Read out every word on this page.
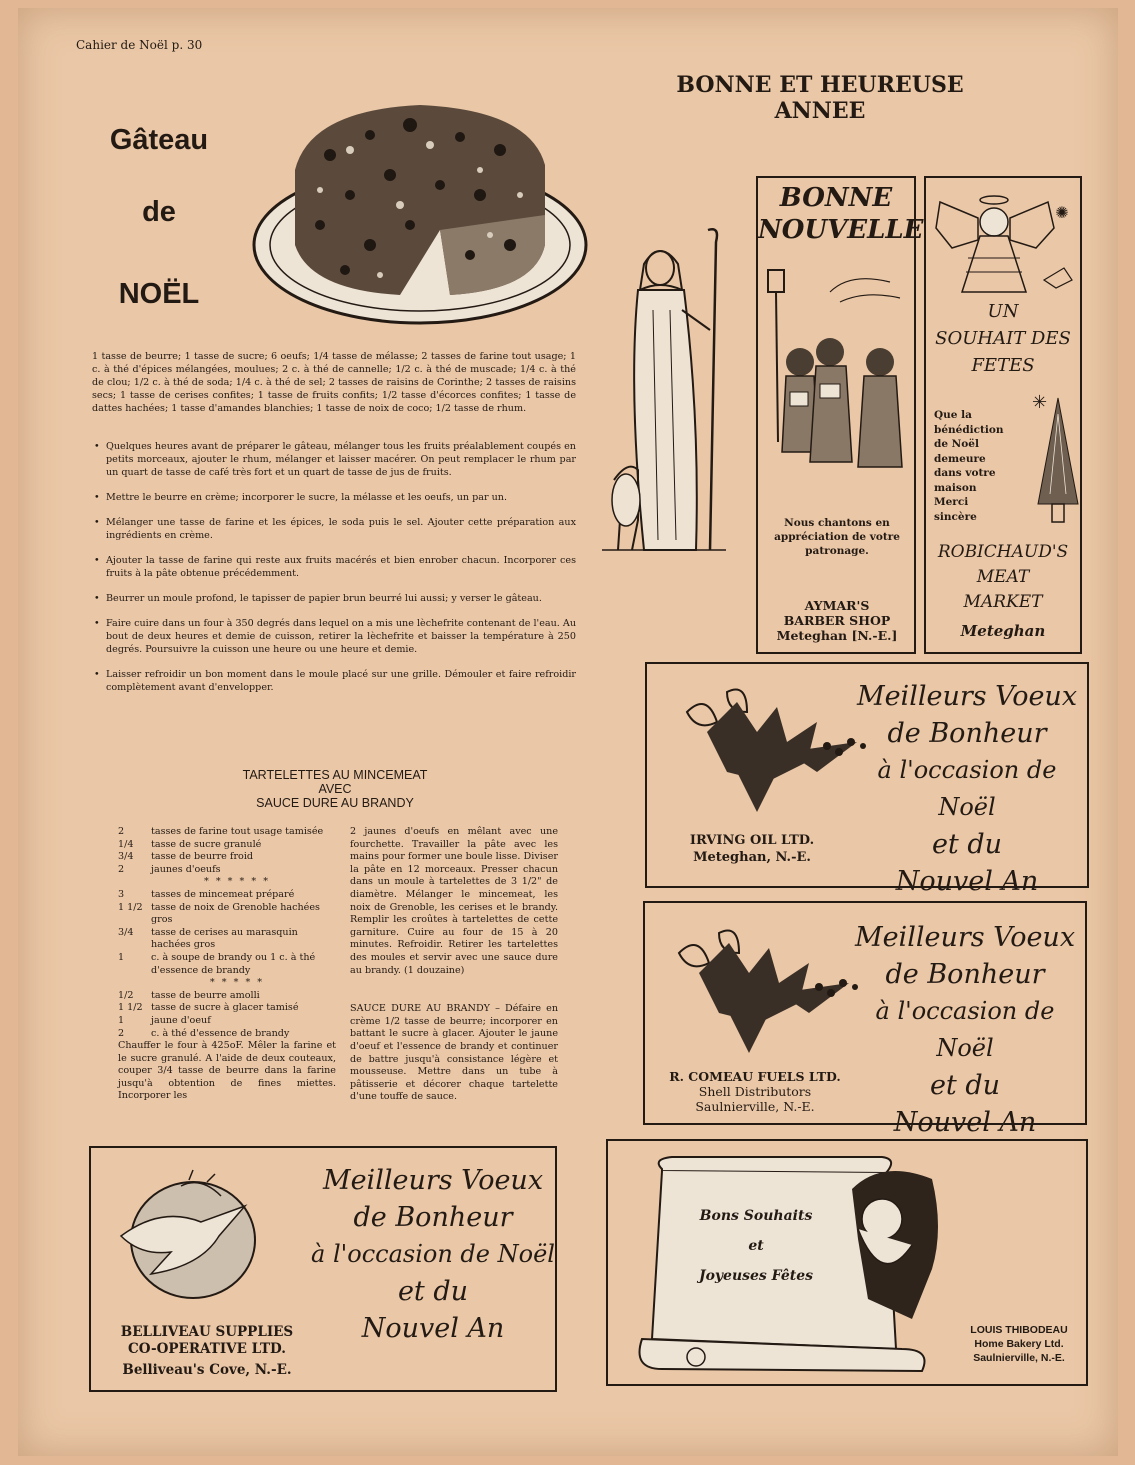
Cahier de Noël p. 30
Gâteau
de
NOËL
1 tasse de beurre; 1 tasse de sucre; 6 oeufs; 1/4 tasse de mélasse; 2 tasses de farine tout usage; 1 c. à thé d'épices mélangées, moulues; 2 c. à thé de cannelle; 1/2 c. à thé de muscade; 1/4 c. à thé de clou; 1/2 c. à thé de soda; 1/4 c. à thé de sel; 2 tasses de raisins de Corinthe; 2 tasses de raisins secs; 1 tasse de cerises confites; 1 tasse de fruits confits; 1/2 tasse d'écorces confites; 1 tasse de dattes hachées; 1 tasse d'amandes blanchies; 1 tasse de noix de coco; 1/2 tasse de rhum.
• Quelques heures avant de préparer le gâteau, mélanger tous les fruits préalablement coupés en petits morceaux, ajouter le rhum, mélanger et laisser macérer. On peut remplacer le rhum par un quart de tasse de café très fort et un quart de tasse de jus de fruits.
• Mettre le beurre en crème; incorporer le sucre, la mélasse et les oeufs, un par un.
• Mélanger une tasse de farine et les épices, le soda puis le sel. Ajouter cette préparation aux ingrédients en crème.
• Ajouter la tasse de farine qui reste aux fruits macérés et bien enrober chacun. Incorporer ces fruits à la pâte obtenue précédemment.
• Beurrer un moule profond, le tapisser de papier brun beurré lui aussi; y verser le gâteau.
• Faire cuire dans un four à 350 degrés dans lequel on a mis une lèchefrite contenant de l'eau. Au bout de deux heures et demie de cuisson, retirer la lèchefrite et baisser la température à 250 degrés. Poursuivre la cuisson une heure ou une heure et demie.
• Laisser refroidir un bon moment dans le moule placé sur une grille. Démouler et faire refroidir complètement avant d'envelopper.
TARTELETTES AU MINCEMEAT
AVEC
SAUCE DURE AU BRANDY
2	tasses de farine tout usage tamisée
1/4	tasse de sucre granulé
3/4	tasse de beurre froid
2	jaunes d'oeufs
* * * * * *
3	tasses de mincemeat préparé
1 1/2 tasse de noix de Grenoble hachées gros
3/4	tasse de cerises au marasquin hachées gros
1	c. à soupe de brandy ou 1 c. à thé d'essence de brandy
* * * * *
1/2	tasse de beurre amolli
1 1/2 tasse de sucre à glacer tamisé
1	jaune d'oeuf
2	c. à thé d'essence de brandy
Chauffer le four à 425oF. Mêler la farine et le sucre granulé. A l'aide de deux couteaux, couper 3/4 tasse de beurre dans la farine jusqu'à obtention de fines miettes. Incorporer les
2 jaunes d'oeufs en mêlant avec une fourchette. Travailler la pâte avec les mains pour former une boule lisse. Diviser la pâte en 12 morceaux. Presser chacun dans un moule à tartelettes de 3 1/2" de diamètre. Mélanger le mincemeat, les noix de Grenoble, les cerises et le brandy. Remplir les croûtes à tartelettes de cette garniture. Cuire au four de 15 à 20 minutes. Refroidir. Retirer les tartelettes des moules et servir avec une sauce dure au brandy. (1 douzaine)
SAUCE DURE AU BRANDY – Défaire en crème 1/2 tasse de beurre; incorporer en battant le sucre à glacer. Ajouter le jaune d'oeuf et l'essence de brandy et continuer de battre jusqu'à consistance légère et mousseuse. Mettre dans un tube à pâtisserie et décorer chaque tartelette d'une touffe de sauce.
BONNE ET HEUREUSE
ANNEE
BONNE
NOUVELLE
Nous chantons en appréciation de votre patronage.
AYMAR'S
BARBER SHOP
Meteghan [N.-E.]
✺
UN
SOUHAIT DES
FETES
Que la
bénédiction
de Noël
demeure
dans votre
maison
Merci sincère
✳
ROBICHAUD'S
MEAT
MARKET
Meteghan
IRVING OIL LTD.
Meteghan, N.-E.
Meilleurs Voeux
de Bonheur
à l'occasion de Noël
et du
Nouvel An
R. COMEAU FUELS LTD.
Shell Distributors
Saulnierville, N.-E.
Meilleurs Voeux
de Bonheur
à l'occasion de Noël
et du
Nouvel An
BELLIVEAU SUPPLIES
CO-OPERATIVE LTD.
Belliveau's Cove, N.-E.
Meilleurs Voeux
de Bonheur
à l'occasion de Noël
et du
Nouvel An
Bons Souhaits
et
Joyeuses Fêtes
LOUIS THIBODEAU
Home Bakery Ltd.
Saulnierville, N.-E.
